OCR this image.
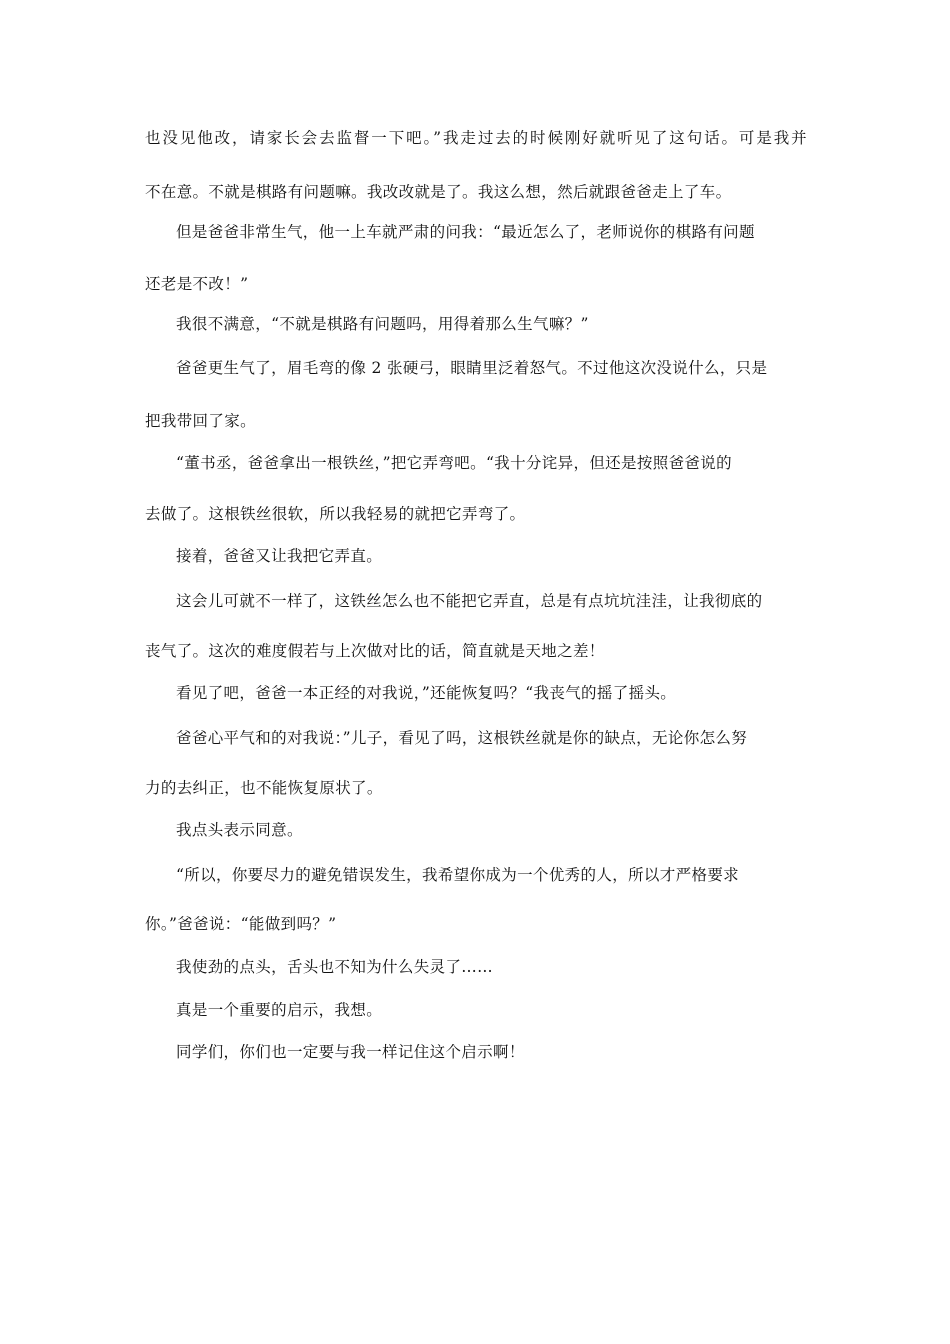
也没见他改，请家长会去监督一下吧。”我走过去的时候刚好就听见了这句话。可是我并
不在意。不就是棋路有问题嘛。我改改就是了。我这么想，然后就跟爸爸走上了车。
但是爸爸非常生气，他一上车就严肃的问我：“最近怎么了，老师说你的棋路有问题
还老是不改！”
我很不满意，“不就是棋路有问题吗，用得着那么生气嘛？”
爸爸更生气了，眉毛弯的像 2 张硬弓，眼睛里泛着怒气。不过他这次没说什么，只是
把我带回了家。
“董书丞，爸爸拿出一根铁丝，”把它弄弯吧。“我十分诧异，但还是按照爸爸说的
去做了。这根铁丝很软，所以我轻易的就把它弄弯了。
接着，爸爸又让我把它弄直。
这会儿可就不一样了，这铁丝怎么也不能把它弄直，总是有点坑坑洼洼，让我彻底的
丧气了。这次的难度假若与上次做对比的话，简直就是天地之差！
看见了吧，爸爸一本正经的对我说，”还能恢复吗？“我丧气的摇了摇头。
爸爸心平气和的对我说：”儿子，看见了吗，这根铁丝就是你的缺点，无论你怎么努
力的去纠正，也不能恢复原状了。
我点头表示同意。
“所以，你要尽力的避免错误发生，我希望你成为一个优秀的人，所以才严格要求
你。”爸爸说：“能做到吗？”
我使劲的点头，舌头也不知为什么失灵了……
真是一个重要的启示，我想。
同学们，你们也一定要与我一样记住这个启示啊！
